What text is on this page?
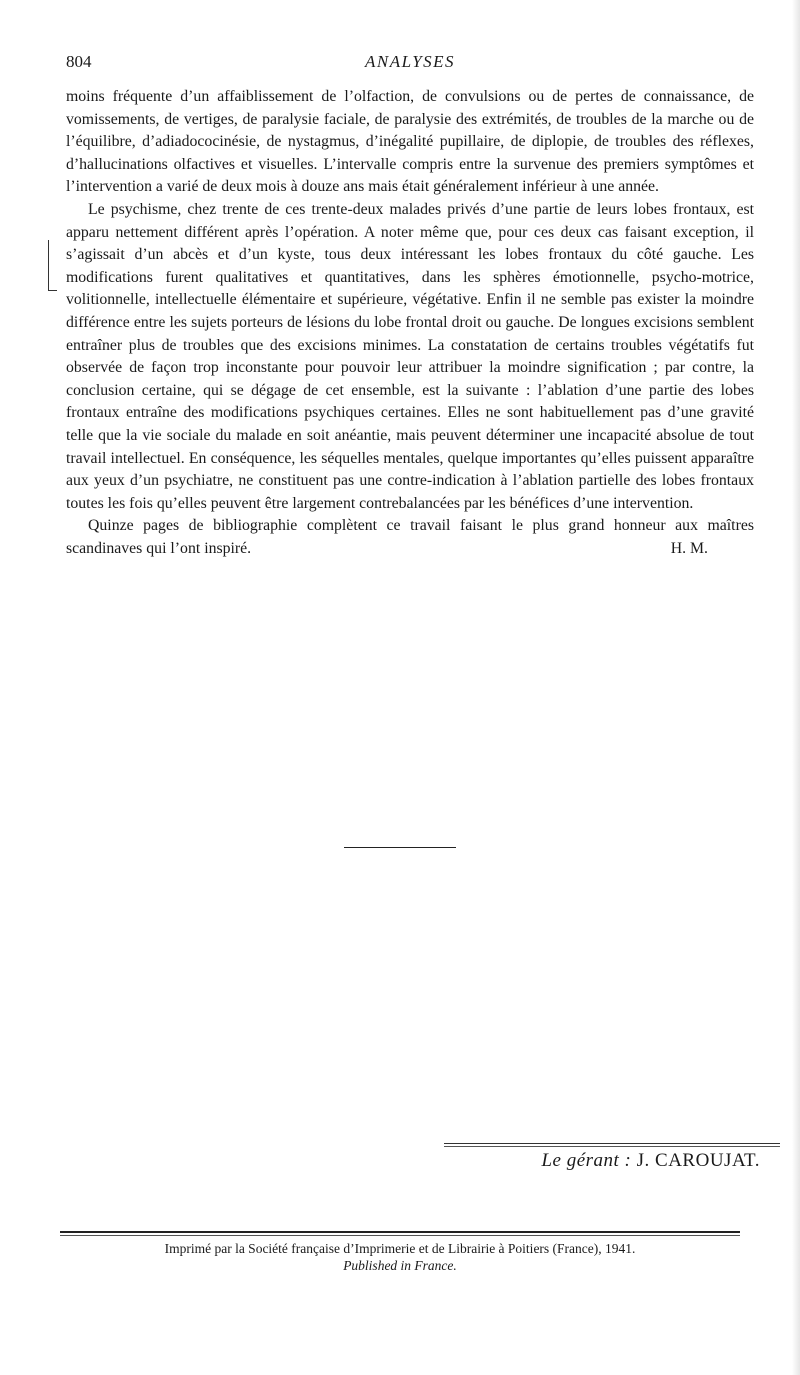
804	ANALYSES

moins fréquente d’un affaiblissement de l’olfaction, de convulsions ou de pertes de connaissance, de vomissements, de vertiges, de paralysie faciale, de paralysie des extrémités, de troubles de la marche ou de l’équilibre, d’adiadococinésie, de nystagmus, d’inégalité pupillaire, de diplopie, de troubles des réflexes, d’hallucinations olfactives et visuelles. L’intervalle compris entre la survenue des premiers symptômes et l’intervention a varié de deux mois à douze ans mais était généralement inférieur à une année.

Le psychisme, chez trente de ces trente-deux malades privés d’une partie de leurs lobes frontaux, est apparu nettement différent après l’opération. A noter même que, pour ces deux cas faisant exception, il s’agissait d’un abcès et d’un kyste, tous deux intéressant les lobes frontaux du côté gauche. Les modifications furent qualitatives et quantitatives, dans les sphères émotionnelle, psycho-motrice, volitionnelle, intellectuelle élémentaire et supérieure, végétative. Enfin il ne semble pas exister la moindre différence entre les sujets porteurs de lésions du lobe frontal droit ou gauche. De longues excisions semblent entraîner plus de troubles que des excisions minimes. La constatation de certains troubles végétatifs fut observée de façon trop inconstante pour pouvoir leur attribuer la moindre signification ; par contre, la conclusion certaine, qui se dégage de cet ensemble, est la suivante : l’ablation d’une partie des lobes frontaux entraîne des modifications psychiques certaines. Elles ne sont habituellement pas d’une gravité telle que la vie sociale du malade en soit anéantie, mais peuvent déterminer une incapacité absolue de tout travail intellectuel. En conséquence, les séquelles mentales, quelque importantes qu’elles puissent apparaître aux yeux d’un psychiatre, ne constituent pas une contre-indication à l’ablation partielle des lobes frontaux toutes les fois qu’elles peuvent être largement contrebalancées par les bénéfices d’une intervention.

Quinze pages de bibliographie complètent ce travail faisant le plus grand honneur aux maîtres scandinaves qui l’ont inspiré.	H. M.

Le gérant : J. CAROUJAT.
Imprimé par la Société française d’Imprimerie et de Librairie à Poitiers (France), 1941.
Published in France.
